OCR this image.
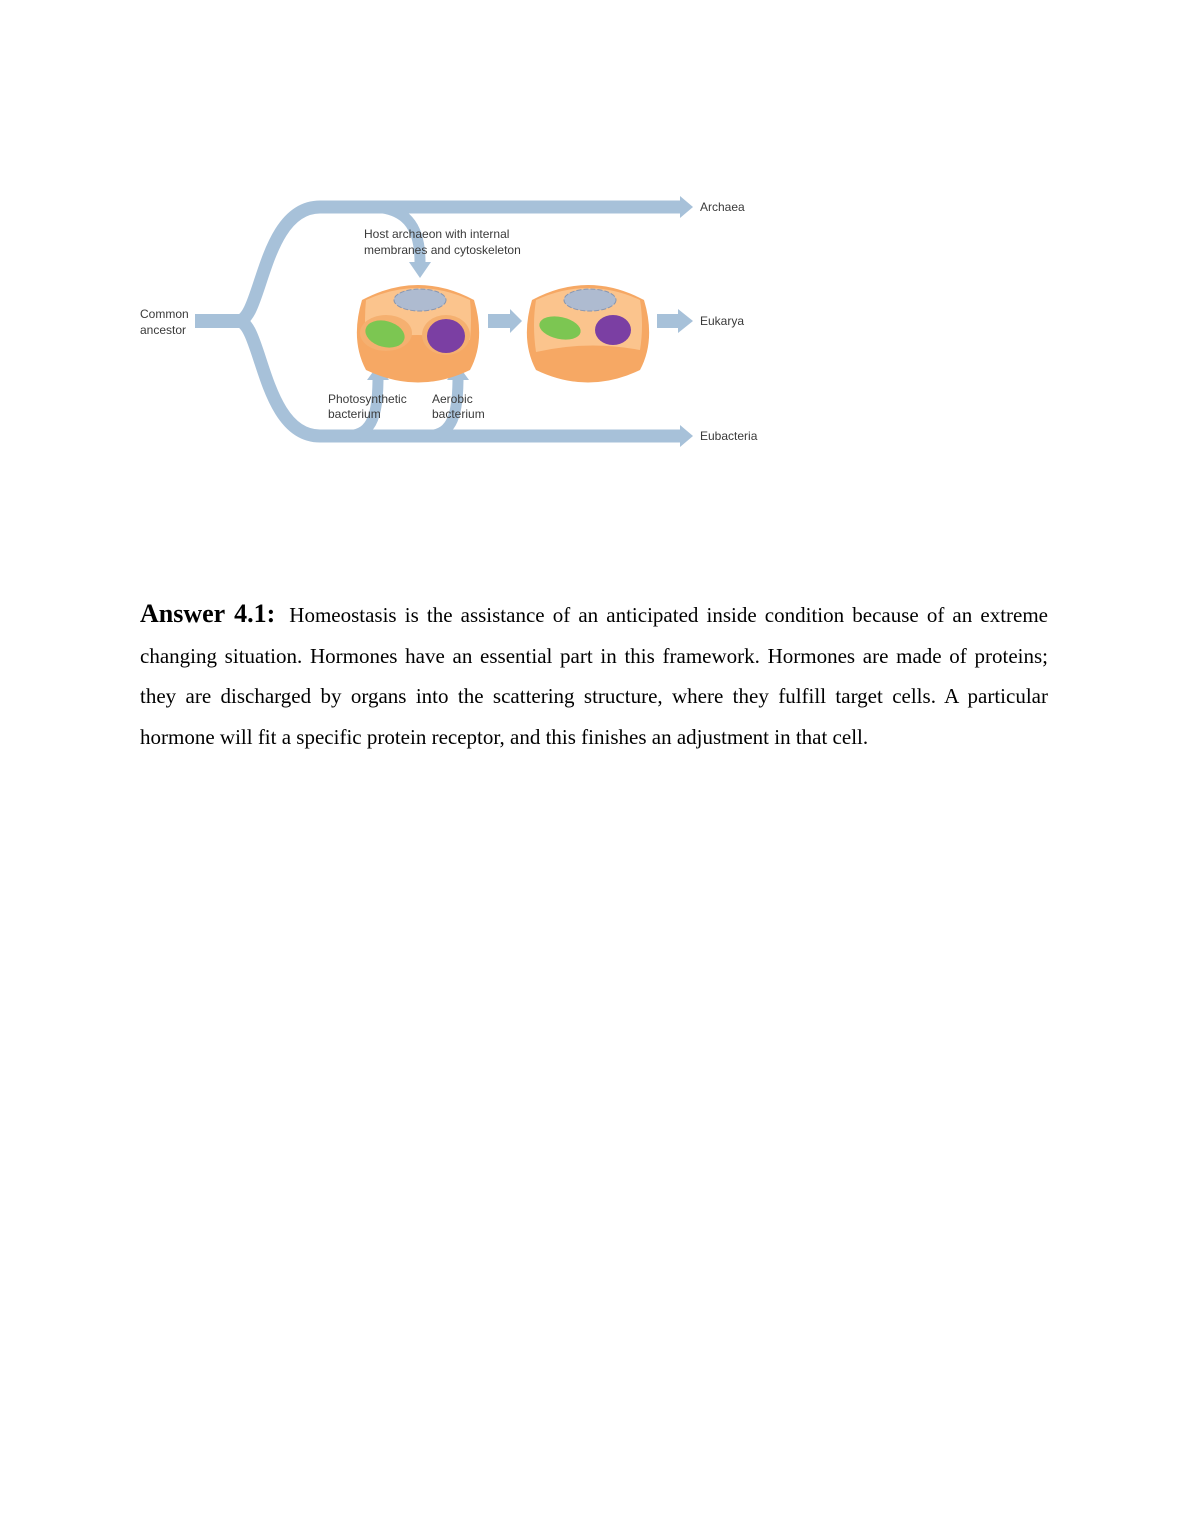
Common ancestor
Archaea
Eukarya
Eubacteria
Host archaeon with internal membranes and cytoskeleton
Photosynthetic bacterium
Aerobic bacterium

Answer 4.1: Homeostasis is the assistance of an anticipated inside condition because of an extreme changing situation. Hormones have an essential part in this framework. Hormones are made of proteins; they are discharged by organs into the scattering structure, where they fulfill target cells. A particular hormone will fit a specific protein receptor, and this finishes an adjustment in that cell.
